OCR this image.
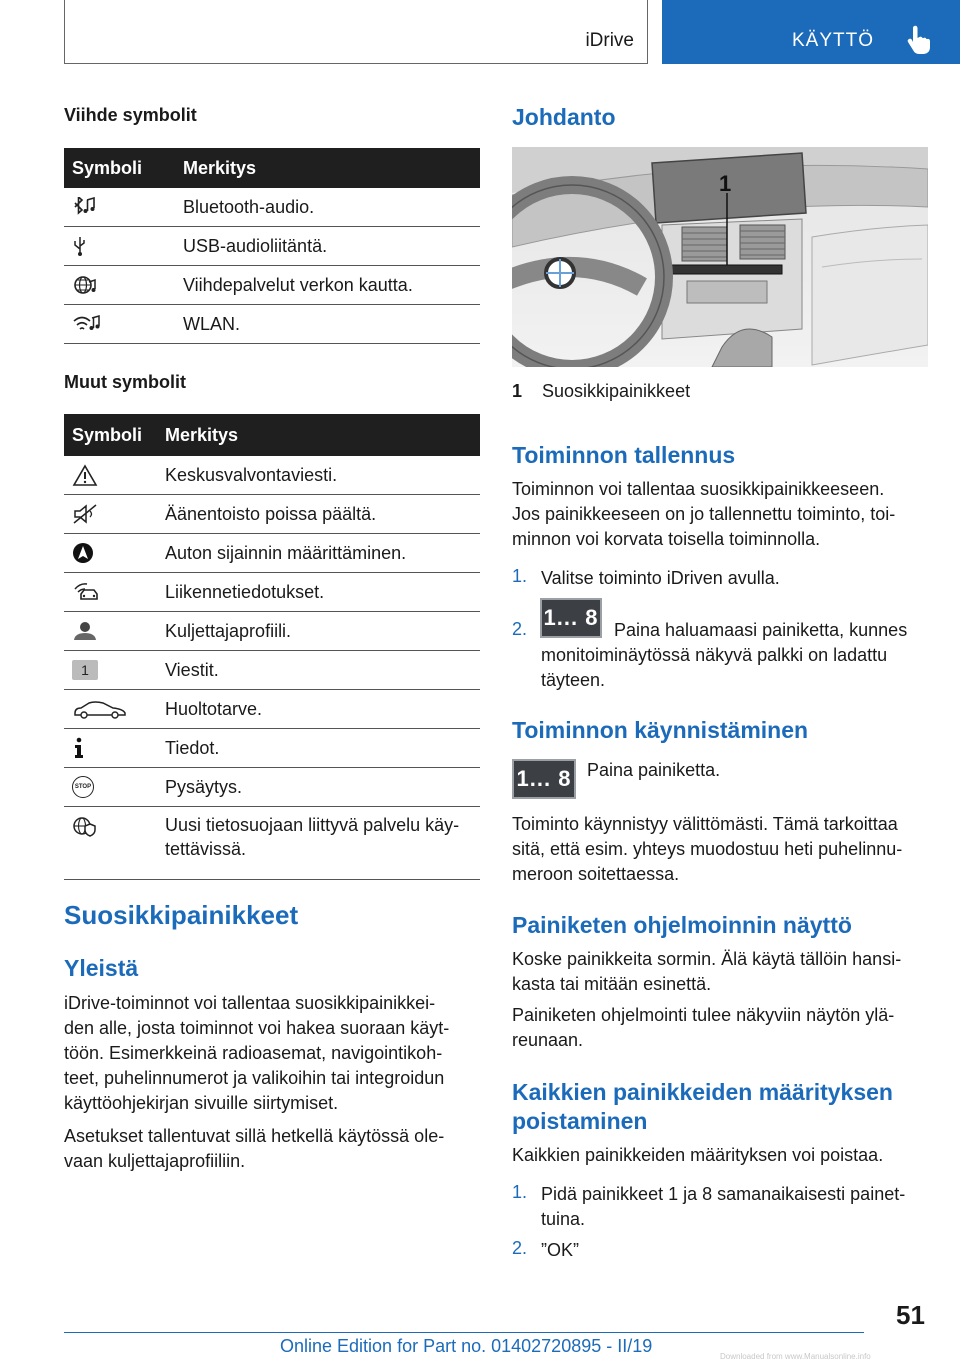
iDrive	KÄYTTÖ
Viihde symbolit
Symboli	Merkitys

	Bluetooth-audio.

	USB-audioliitäntä.

	Viihdepalvelut verkon kautta.

	WLAN.
Muut symbolit
Symboli	Merkitys

	Keskusvalvontaviesti.

	Äänentoisto poissa päältä.

	Auton sijainnin määrittäminen.

	Liikennetiedotukset.

	Kuljettajaprofiili.

1	Viestit.

	Huoltotarve.

	Tiedot.

STOP	Pysäytys.

Uusi tietosuojaan liittyvä palvelu käy-
tettävissä.
Suosikkipainikkeet
Yleistä
iDrive-toiminnot voi tallentaa suosikkipainikkei-
den alle, josta toiminnot voi hakea suoraan käyt-
töön. Esimerkkeinä radioasemat, navigointikoh-
teet, puhelinnumerot ja valikoihin tai integroidun
käyttöohjekirjan sivuille siirtymiset.
Asetukset tallentuvat sillä hetkellä käytössä ole-
vaan kuljettajaprofiiliin.
Johdanto
1
1 Suosikkipainikkeet
Toiminnon tallennus
Toiminnon voi tallentaa suosikkipainikkeeseen.
Jos painikkeeseen on jo tallennettu toiminto, toi-
minnon voi korvata toisella toiminnolla.
1. Valitse toiminto iDriven avulla.
2. 1... 8 Paina haluamaasi painiketta, kunnes
monitoiminäytössä näkyvä palkki on ladattu
täyteen.
Toiminnon käynnistäminen
1... 8 Paina painiketta.
Toiminto käynnistyy välittömästi. Tämä tarkoittaa
sitä, että esim. yhteys muodostuu heti puhelinnu-
meroon soitettaessa.
Painiketen ohjelmoinnin näyttö
Koske painikkeita sormin. Älä käytä tällöin hansi-
kasta tai mitään esinettä.
Painiketen ohjelmointi tulee näkyviin näytön ylä-
reunaan.
Kaikkien painikkeiden määrityksen
poistaminen
Kaikkien painikkeiden määrityksen voi poistaa.
1. Pidä painikkeet 1 ja 8 samanaikaisesti painet-
tuina.
2. ”OK”
51
Online Edition for Part no. 01402720895 - II/19
Downloaded from www.Manualsonline.info
